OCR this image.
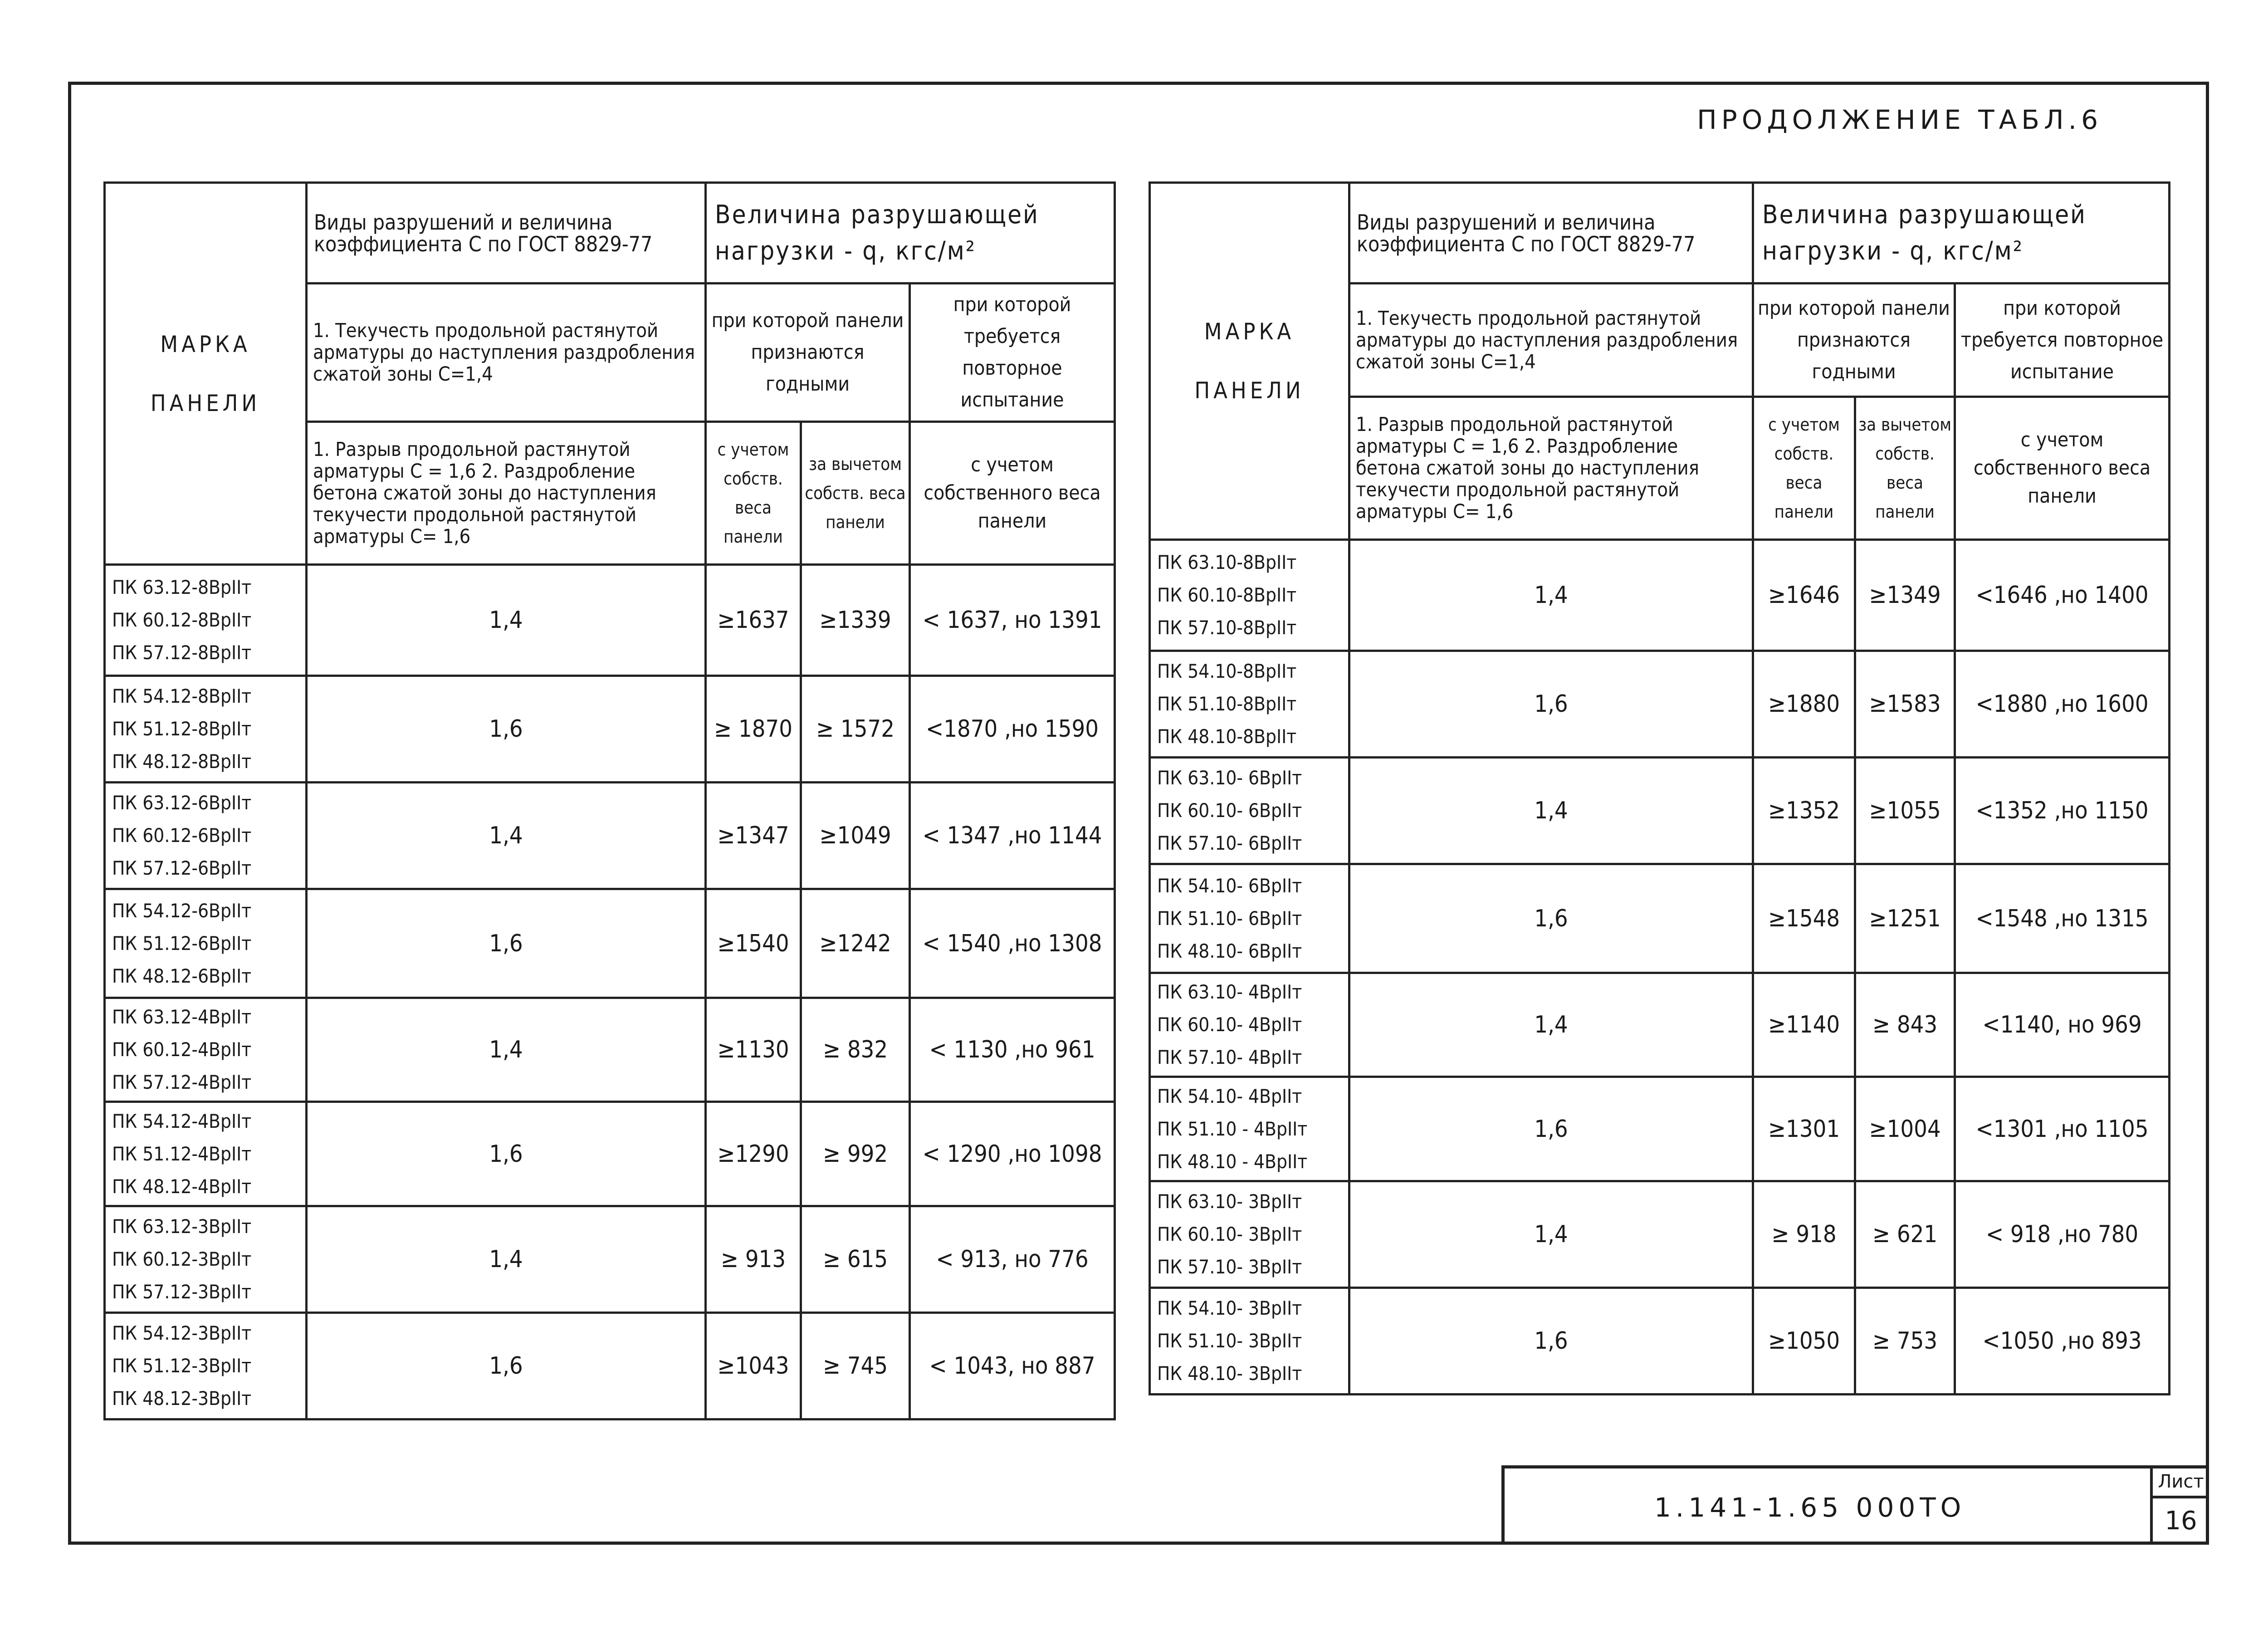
ПРОДОЛЖЕНИЕ ТАБЛ.6
МАРКА ПАНЕЛИ	Виды разрушений и величина коэффициента С по ГОСТ 8829-77	Величина разрушающей нагрузки - q, кгс/м²		
	1. Текучесть продольной растянутой арматуры до наступления раздробления сжатой зоны С=1,4	при которой панели признаются годными		при которой требуется повторное испытание
	1. Разрыв продольной растянутой арматуры С = 1,6 2. Раздробление бетона сжатой зоны до наступления текучести продольной растянутой арматуры С= 1,6	с учетом собств. веса панели	за вычетом собств. веса панели	с учетом собственного веса панели

ПК 63.12-8ВрIIт
ПК 60.12-8ВрIIт
ПК 57.12-8ВрIIт	1,4	≥1637	≥1339	< 1637, но 1391

ПК 54.12-8ВрIIт
ПК 51.12-8ВрIIт
ПК 48.12-8ВрIIт	1,6	≥ 1870	≥ 1572	<1870 ,но 1590

ПК 63.12-6ВрIIт
ПК 60.12-6ВрIIт
ПК 57.12-6ВрIIт	1,4	≥1347	≥1049	< 1347 ,но 1144

ПК 54.12-6ВрIIт
ПК 51.12-6ВрIIт
ПК 48.12-6ВрIIт	1,6	≥1540	≥1242	< 1540 ,но 1308

ПК 63.12-4ВрIIт
ПК 60.12-4ВрIIт
ПК 57.12-4ВрIIт	1,4	≥1130	≥ 832	< 1130 ,но 961

ПК 54.12-4ВрIIт
ПК 51.12-4ВрIIт
ПК 48.12-4ВрIIт	1,6	≥1290	≥ 992	< 1290 ,но 1098

ПК 63.12-3ВрIIт
ПК 60.12-3ВрIIт
ПК 57.12-3ВрIIт	1,4	≥ 913	≥ 615	< 913, но 776

ПК 54.12-3ВрIIт
ПК 51.12-3ВрIIт
ПК 48.12-3ВрIIт	1,6	≥1043	≥ 745	< 1043, но 887
МАРКА ПАНЕЛИ	Виды разрушений и величина коэффициента С по ГОСТ 8829-77	Величина разрушающей нагрузки - q, кгс/м²		
	1. Текучесть продольной растянутой арматуры до наступления раздробления сжатой зоны С=1,4	при которой панели признаются годными		при которой требуется повторное испытание
	1. Разрыв продольной растянутой арматуры С = 1,6 2. Раздробление бетона сжатой зоны до наступления текучести продольной растянутой арматуры С= 1,6	с учетом собств. веса панели	за вычетом собств. веса панели	с учетом собственного веса панели

ПК 63.10-8ВрIIт
ПК 60.10-8ВрIIт
ПК 57.10-8ВрIIт	1,4	≥1646	≥1349	<1646 ,но 1400

ПК 54.10-8ВрIIт
ПК 51.10-8ВрIIт
ПК 48.10-8ВрIIт	1,6	≥1880	≥1583	<1880 ,но 1600

ПК 63.10- 6ВрIIт
ПК 60.10- 6ВрIIт
ПК 57.10- 6ВрIIт	1,4	≥1352	≥1055	<1352 ,но 1150

ПК 54.10- 6ВрIIт
ПК 51.10- 6ВрIIт
ПК 48.10- 6ВрIIт	1,6	≥1548	≥1251	<1548 ,но 1315

ПК 63.10- 4ВрIIт
ПК 60.10- 4ВрIIт
ПК 57.10- 4ВрIIт	1,4	≥1140	≥ 843	<1140, но 969

ПК 54.10- 4ВрIIт
ПК 51.10 - 4ВрIIт
ПК 48.10 - 4ВрIIт	1,6	≥1301	≥1004	<1301 ,но 1105

ПК 63.10- 3ВрIIт
ПК 60.10- 3ВрIIт
ПК 57.10- 3ВрIIт	1,4	≥ 918	≥ 621	< 918 ,но 780

ПК 54.10- 3ВрIIт
ПК 51.10- 3ВрIIт
ПК 48.10- 3ВрIIт	1,6	≥1050	≥ 753	<1050 ,но 893
1.141-1.65 000ТО
Лист
16
